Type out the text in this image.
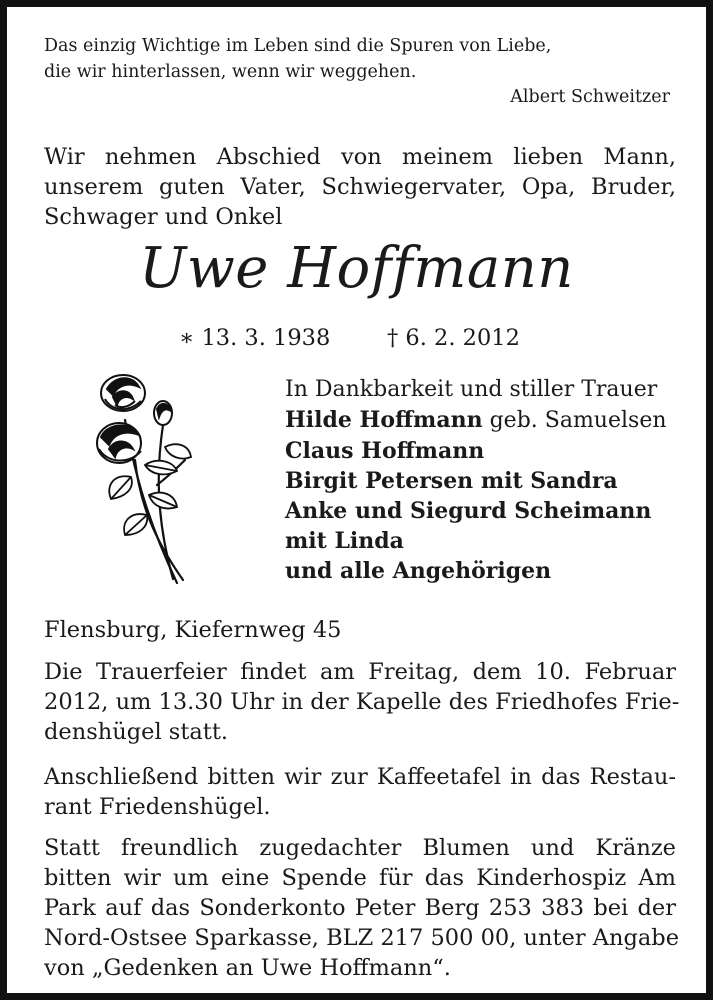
Das einzig Wichtige im Leben sind die Spuren von Liebe,
die wir hinterlassen, wenn wir weggehen.
Albert Schweitzer
Wir nehmen Abschied von meinem lieben Mann,
unserem guten Vater, Schwiegervater, Opa, Bruder,
Schwager und Onkel
Uwe Hoffmann
∗ 13. 3. 1938	† 6. 2. 2012
In Dankbarkeit und stiller Trauer
Hilde Hoffmann geb. Samuelsen
Claus Hoffmann
Birgit Petersen mit Sandra
Anke und Siegurd Scheimann
mit Linda
und alle Angehörigen
Flensburg, Kiefernweg 45
Die Trauerfeier findet am Freitag, dem 10. Februar
2012, um 13.30 Uhr in der Kapelle des Friedhofes Frie-
denshügel statt.
Anschließend bitten wir zur Kaffeetafel in das Restau-
rant Friedenshügel.
Statt freundlich zugedachter Blumen und Kränze
bitten wir um eine Spende für das Kinderhospiz Am
Park auf das Sonderkonto Peter Berg 253 383 bei der
Nord-Ostsee Sparkasse, BLZ 217 500 00, unter Angabe
von „Gedenken an Uwe Hoffmann“.
